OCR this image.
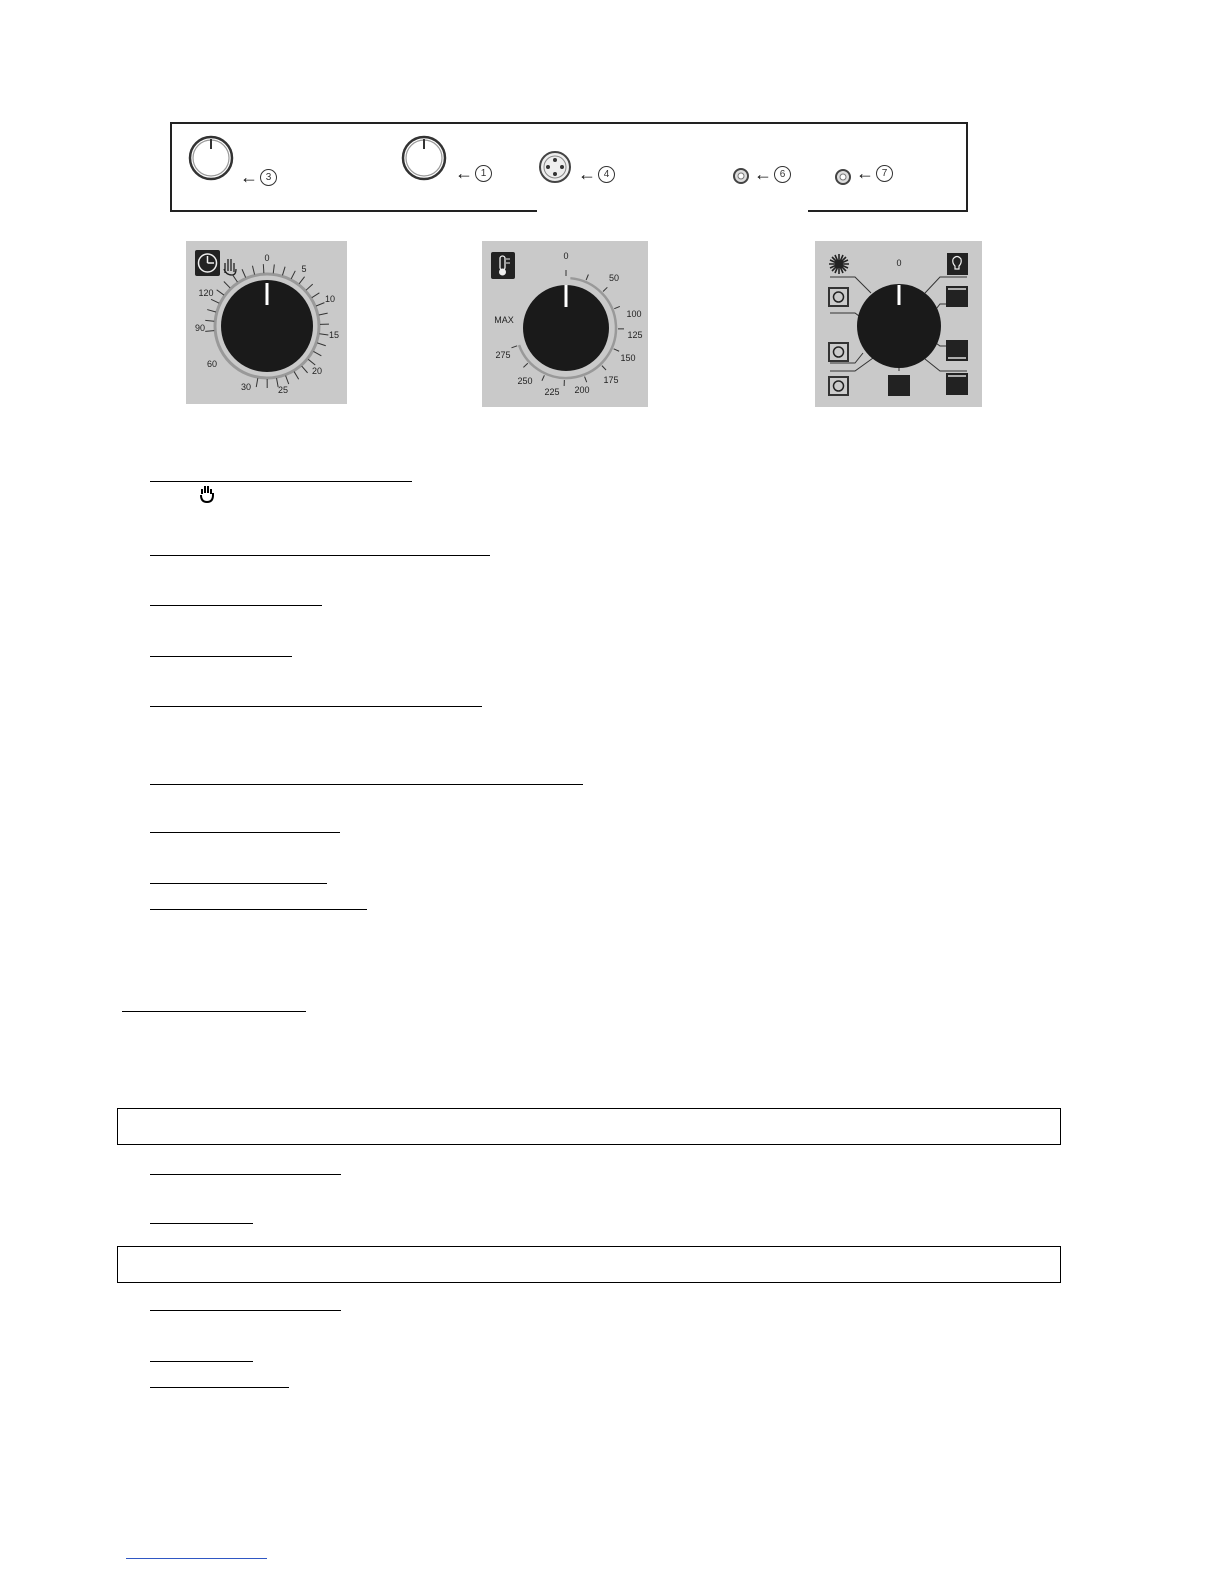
← 3	← 1	← 4	← 6	← 7
0
5
10
15
20
25
30
60
90
120
0
50
100
125
150
175
200
225
250
275
MAX
0
